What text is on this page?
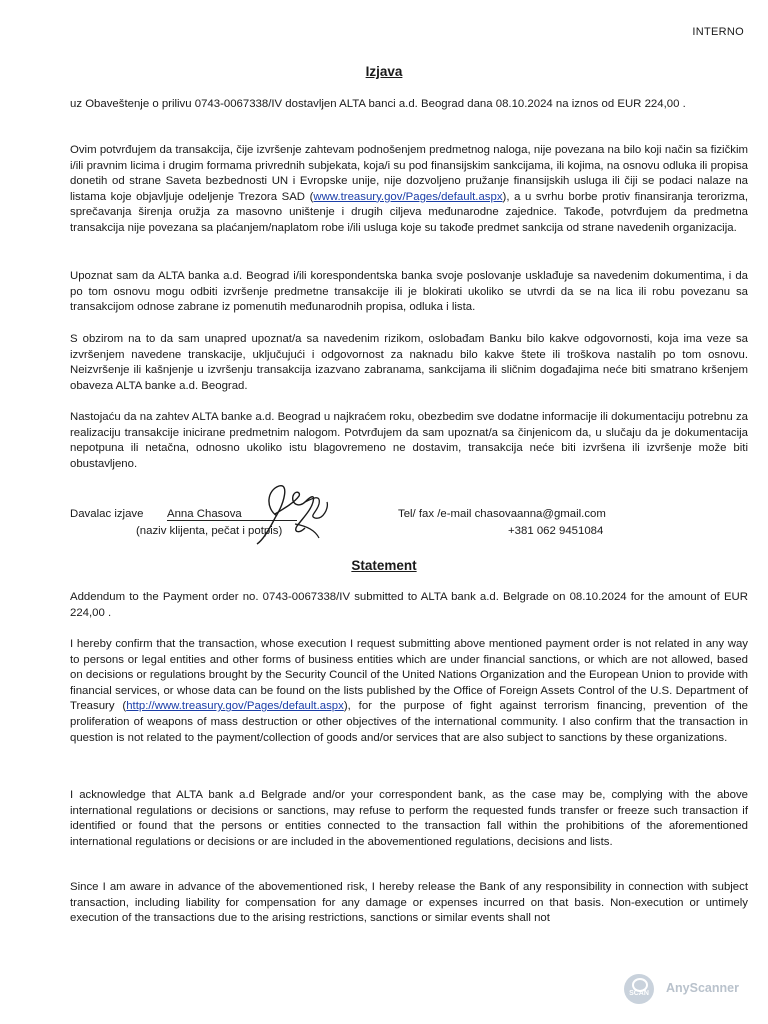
INTERNO
Izjava
uz Obaveštenje o prilivu 0743-0067338/IV dostavljen ALTA banci a.d. Beograd dana 08.10.2024 na iznos od EUR 224,00 .
Ovim potvrđujem da transakcija, čije izvršenje zahtevam podnošenjem predmetnog naloga, nije povezana na bilo koji način sa fizičkim i/ili pravnim licima i drugim formama privrednih subjekata, koja/i su pod finansijskim sankcijama, ili kojima, na osnovu odluka ili propisa donetih od strane Saveta bezbednosti UN i Evropske unije, nije dozvoljeno pružanje finansijskih usluga ili čiji se podaci nalaze na listama koje objavljuje odeljenje Trezora SAD (www.treasury.gov/Pages/default.aspx), a u svrhu borbe protiv finansiranja terorizma, sprečavanja širenja oružja za masovno uništenje i drugih ciljeva međunarodne zajednice. Takođe, potvrđujem da predmetna transakcija nije povezana sa plaćanjem/naplatom robe i/ili usluga koje su takođe predmet sankcija od strane navedenih organizacija.
Upoznat sam da ALTA banka a.d. Beograd i/ili korespondentska banka svoje poslovanje usklađuje sa navedenim dokumentima, i da po tom osnovu mogu odbiti izvršenje predmetne transakcije ili je blokirati ukoliko se utvrdi da se na lica ili robu povezanu sa transakcijom odnose zabrane iz pomenutih međunarodnih propisa, odluka i lista.
S obzirom na to da sam unapred upoznat/a sa navedenim rizikom, oslobađam Banku bilo kakve odgovornosti, koja ima veze sa izvršenjem navedene transkacije, uključujući i odgovornost za naknadu bilo kakve štete ili troškova nastalih po tom osnovu. Neizvršenje ili kašnjenje u izvršenju transakcija izazvano zabranama, sankcijama ili sličnim događajima neće biti smatrano kršenjem obaveza ALTA banke a.d. Beograd.
Nastojaću da na zahtev ALTA banke a.d. Beograd u najkraćem roku, obezbedim sve dodatne informacije ili dokumentaciju potrebnu za realizaciju transakcije inicirane predmetnim nalogom. Potvrđujem da sam upoznat/a sa činjenicom da, u slučaju da je dokumentacija nepotpuna ili netačna, odnosno ukoliko istu blagovremeno ne dostavim, transakcija neće biti izvršena ili izvršenje može biti obustavljeno.
Davalac izjave Anna Chasova
(naziv klijenta, pečat i potpis)
Tel/ fax /e-mail chasovaanna@gmail.com
+381 062 9451084
Statement
Addendum to the Payment order no. 0743-0067338/IV submitted to ALTA bank a.d. Belgrade on 08.10.2024 for the amount of EUR 224,00 .
I hereby confirm that the transaction, whose execution I request submitting above mentioned payment order is not related in any way to persons or legal entities and other forms of business entities which are under financial sanctions, or which are not allowed, based on decisions or regulations brought by the Security Council of the United Nations Organization and the European Union to provide with financial services, or whose data can be found on the lists published by the Office of Foreign Assets Control of the U.S. Department of Treasury (http://www.treasury.gov/Pages/default.aspx), for the purpose of fight against terrorism financing, prevention of the proliferation of weapons of mass destruction or other objectives of the international community. I also confirm that the transaction in question is not related to the payment/collection of goods and/or services that are also subject to sanctions by these organizations.
I acknowledge that ALTA bank a.d Belgrade and/or your correspondent bank, as the case may be, complying with the above international regulations or decisions or sanctions, may refuse to perform the requested funds transfer or freeze such transaction if identified or found that the persons or entities connected to the transaction fall within the prohibitions of the aforementioned international regulations or decisions or are included in the abovementioned regulations, decisions and lists.
Since I am aware in advance of the abovementioned risk, I hereby release the Bank of any responsibility in connection with subject transaction, including liability for compensation for any damage or expenses incurred on that basis. Non-execution or untimely execution of the transactions due to the arising restrictions, sanctions or similar events shall not
SCAN	AnyScanner
